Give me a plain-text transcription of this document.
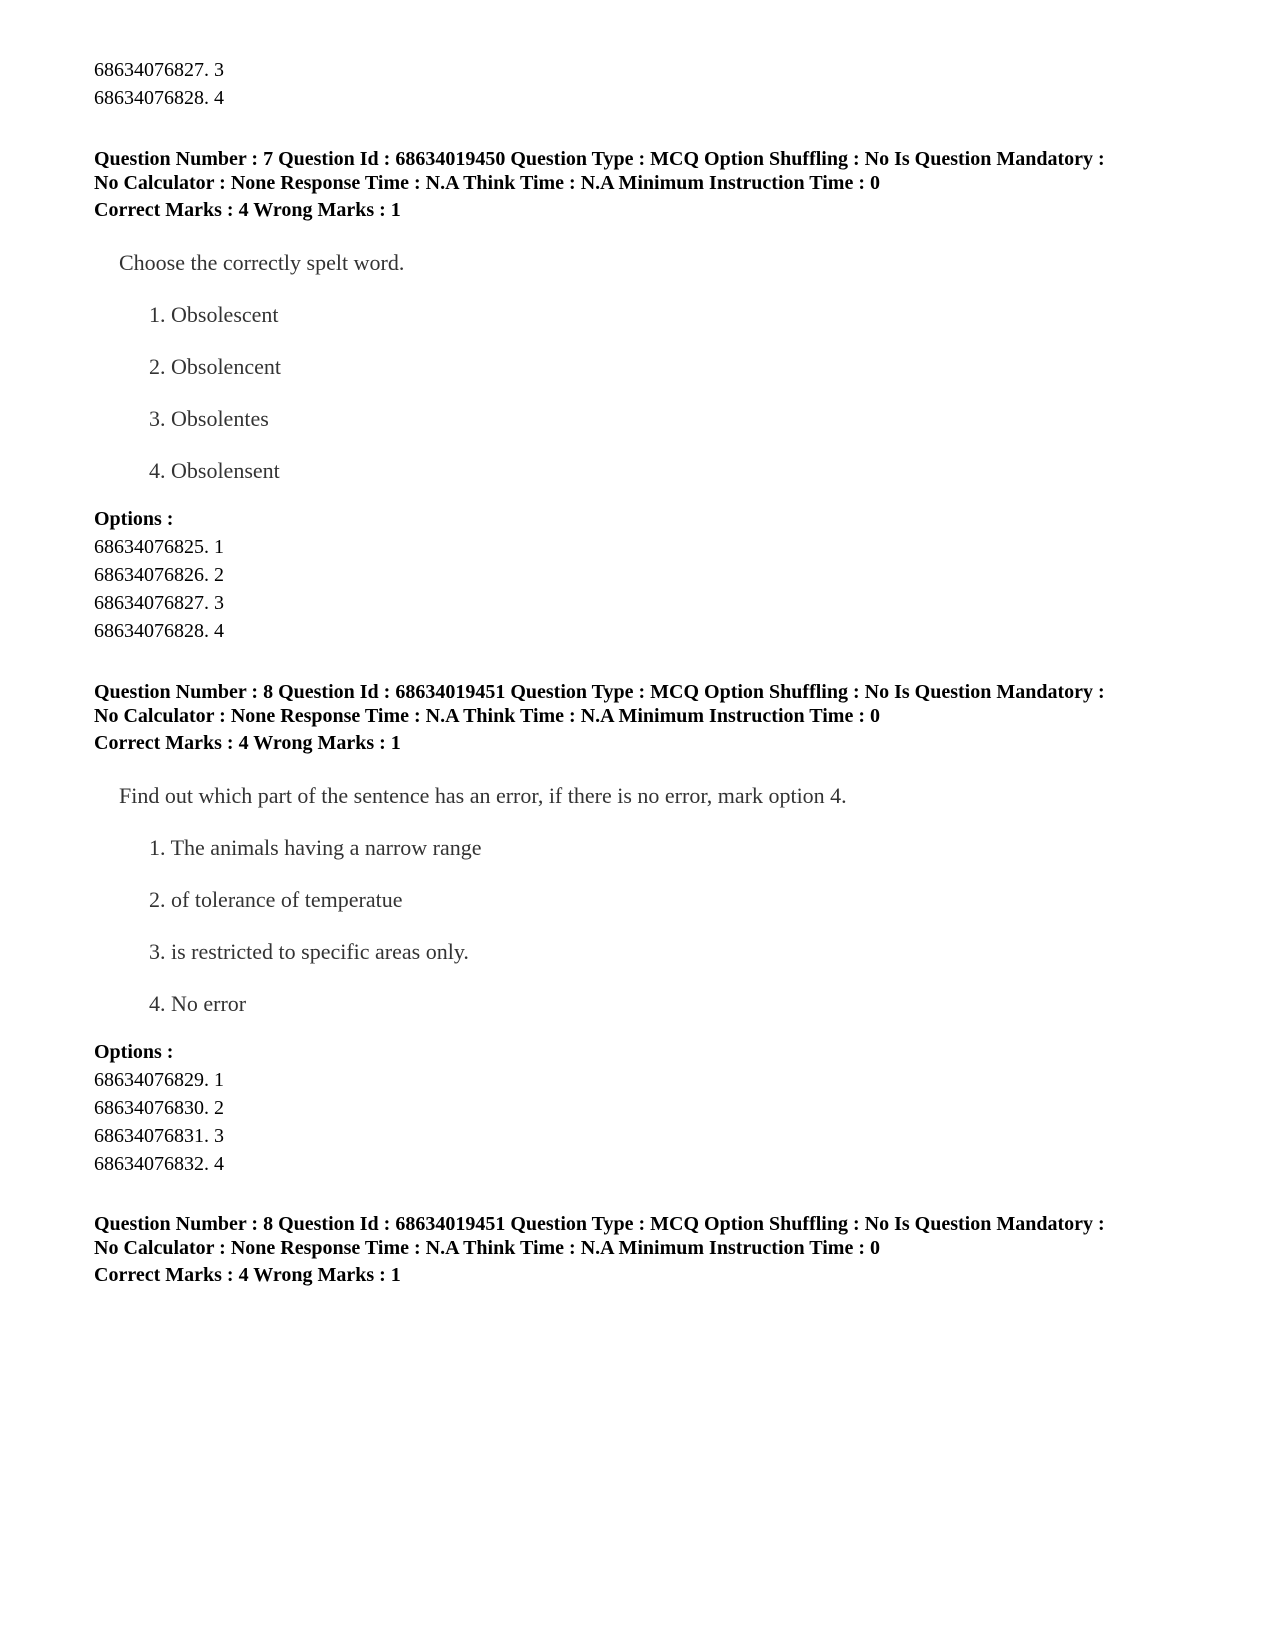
68634076827. 3

68634076828. 4

Question Number : 7 Question Id : 68634019450 Question Type : MCQ Option Shuffling : No Is Question Mandatory :

No Calculator : None Response Time : N.A Think Time : N.A Minimum Instruction Time : 0

Correct Marks : 4 Wrong Marks : 1

Choose the correctly spelt word.

1. Obsolescent

2. Obsolencent

3. Obsolentes

4. Obsolensent

Options :

68634076825. 1

68634076826. 2

68634076827. 3

68634076828. 4

Question Number : 8 Question Id : 68634019451 Question Type : MCQ Option Shuffling : No Is Question Mandatory :

No Calculator : None Response Time : N.A Think Time : N.A Minimum Instruction Time : 0

Correct Marks : 4 Wrong Marks : 1

Find out which part of the sentence has an error, if there is no error, mark option 4.

1. The animals having a narrow range

2. of tolerance of temperatue

3. is restricted to specific areas only.

4. No error

Options :

68634076829. 1

68634076830. 2

68634076831. 3

68634076832. 4

Question Number : 8 Question Id : 68634019451 Question Type : MCQ Option Shuffling : No Is Question Mandatory :

No Calculator : None Response Time : N.A Think Time : N.A Minimum Instruction Time : 0

Correct Marks : 4 Wrong Marks : 1
